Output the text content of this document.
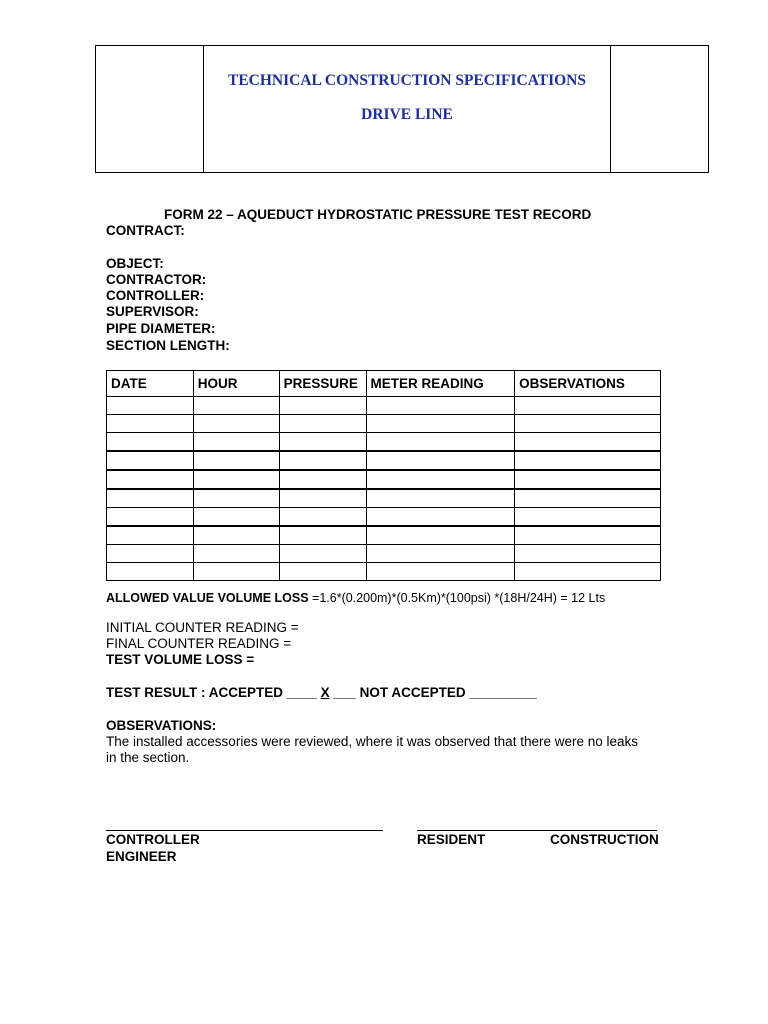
TECHNICAL CONSTRUCTION SPECIFICATIONS
DRIVE LINE
FORM 22 – AQUEDUCT HYDROSTATIC PRESSURE TEST RECORD
CONTRACT:
OBJECT:
CONTRACTOR:
CONTROLLER:
SUPERVISOR:
PIPE DIAMETER:
SECTION LENGTH:
DATE	HOUR	PRESSURE	METER READING	OBSERVATIONS

ALLOWED VALUE VOLUME LOSS =1.6*(0.200m)*(0.5Km)*(100psi) *(18H/24H) = 12 Lts
INITIAL COUNTER READING =
FINAL COUNTER READING =
TEST VOLUME LOSS =
TEST RESULT : ACCEPTED ____ X ___ NOT ACCEPTED _________
OBSERVATIONS:
The installed accessories were reviewed, where it was observed that there were no leaks
in the section.
CONTROLLER
ENGINEER
RESIDENT	CONSTRUCTION
